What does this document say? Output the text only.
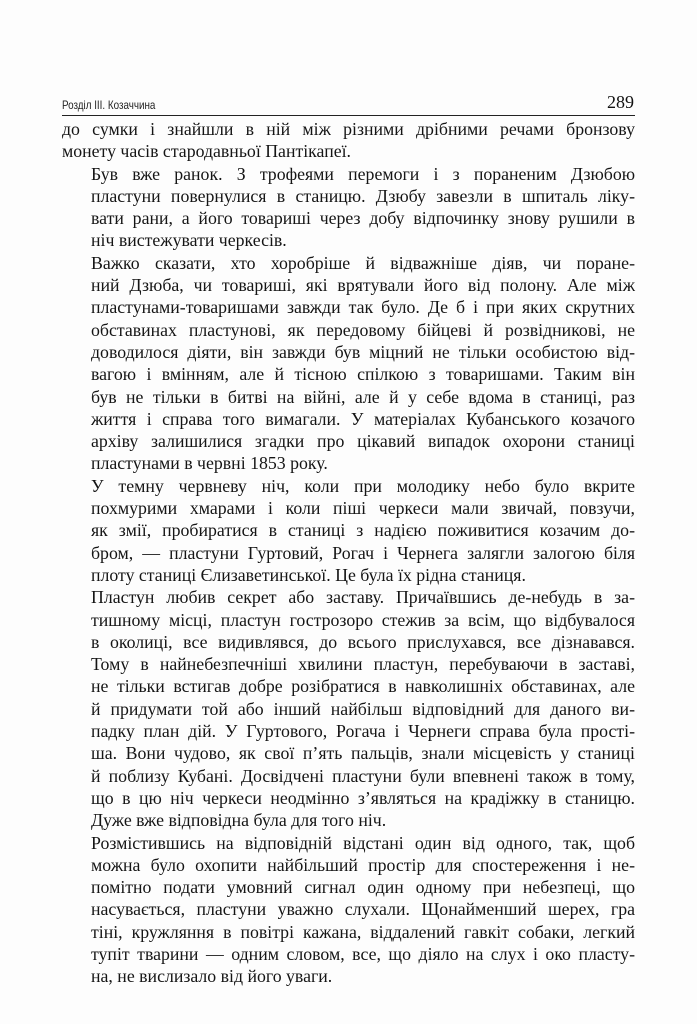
Розділ ІІІ. Козаччина	289

до сумки і знайшли в ній між різними дрібними речами бронзову
монету часів стародавньої Пантікапеї.

Був вже ранок. З трофеями перемоги і з пораненим Дзюбою
пластуни повернулися в станицю. Дзюбу завезли в шпиталь ліку-
вати рани, а його товариші через добу відпочинку знову рушили в
ніч вистежувати черкесів.

Важко сказати, хто хоробріше й відважніше діяв, чи поране-
ний Дзюба, чи товариші, які врятували його від полону. Але між
пластунами-товаришами завжди так було. Де б і при яких скрутних
обставинах пластунові, як передовому бійцеві й розвідникові, не
доводилося діяти, він завжди був міцний не тільки особистою від-
вагою і вмінням, але й тісною спілкою з товаришами. Таким він
був не тільки в битві на війні, але й у себе вдома в станиці, раз
життя і справа того вимагали. У матеріалах Кубанського козачого
архіву залишилися згадки про цікавий випадок охорони станиці
пластунами в червні 1853 року.

У темну червневу ніч, коли при молодику небо було вкрите
похмурими хмарами і коли піші черкеси мали звичай, повзучи,
як змії, пробиратися в станиці з надією поживитися козачим до-
бром, — пластуни Гуртовий, Рогач і Чернега залягли залогою біля
плоту станиці Єлизаветинської. Це була їх рідна станиця.

Пластун любив секрет або заставу. Причаївшись де-небудь в за-
тишному місці, пластун гострозоро стежив за всім, що відбувалося
в околиці, все видивлявся, до всього прислухався, все дізнавався.
Тому в найнебезпечніші хвилини пластун, перебуваючи в заставі,
не тільки встигав добре розібратися в навколишніх обставинах, але
й придумати той або інший найбільш відповідний для даного ви-
падку план дій. У Гуртового, Рогача і Чернеги справа була прості-
ша. Вони чудово, як свої п’ять пальців, знали місцевість у станиці
й поблизу Кубані. Досвідчені пластуни були впевнені також в тому,
що в цю ніч черкеси неодмінно з’являться на крадіжку в станицю.
Дуже вже відповідна була для того ніч.

Розмістившись на відповідній відстані один від одного, так, щоб
можна було охопити найбільший простір для спостереження і не-
помітно подати умовний сигнал один одному при небезпеці, що
насувається, пластуни уважно слухали. Щонайменший шерех, гра
тіні, кружляння в повітрі кажана, віддалений гавкіт собаки, легкий
тупіт тварини — одним словом, все, що діяло на слух і око пласту-
на, не вислизало від його уваги.
